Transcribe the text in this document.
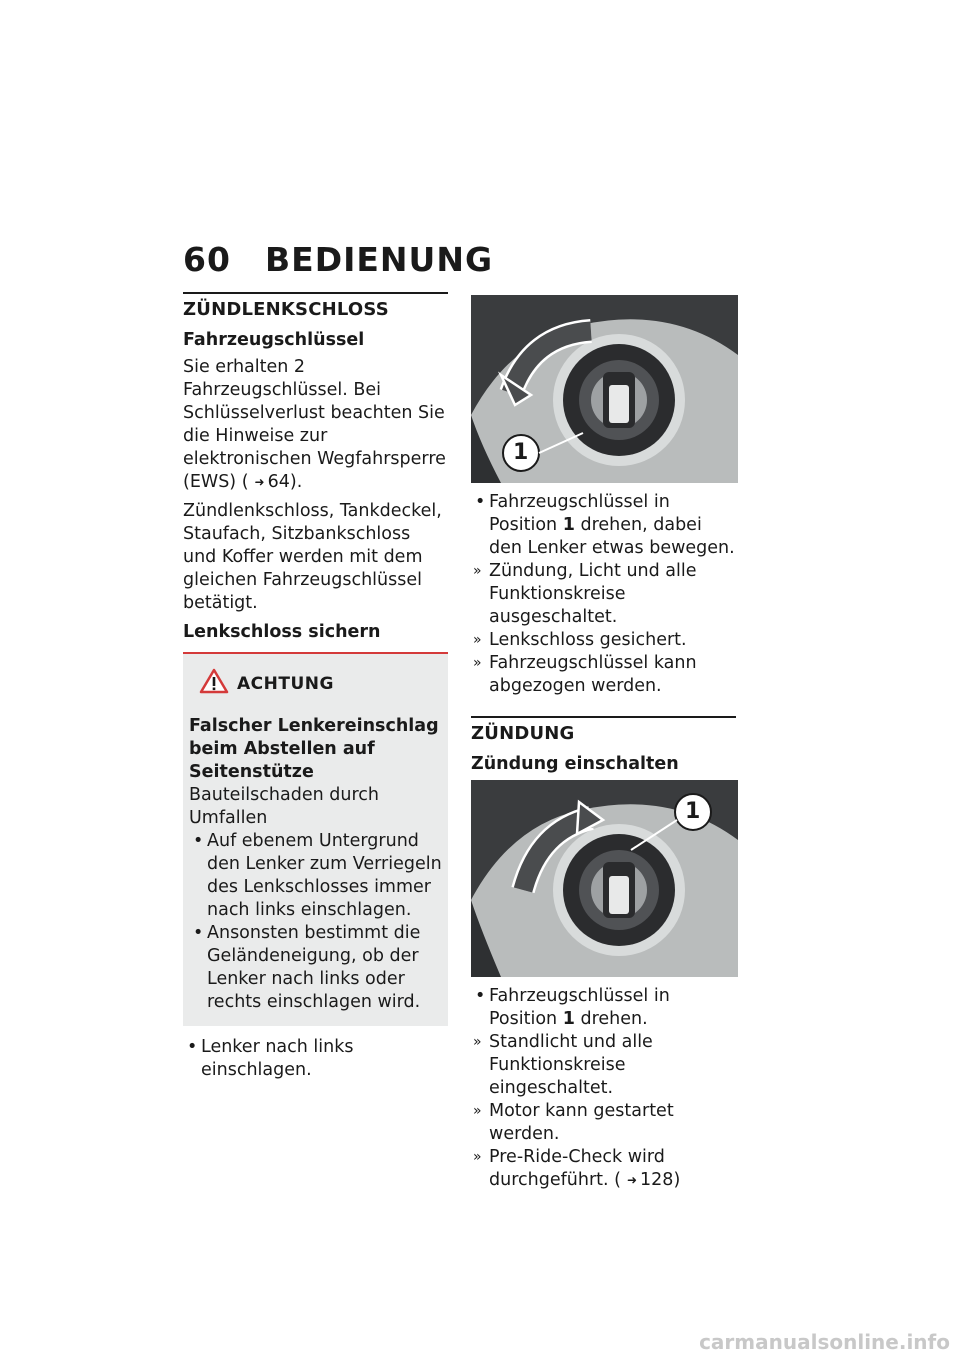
60 BEDIENUNG
ZÜNDLENKSCHLOSS
Fahrzeugschlüssel

Sie erhalten 2 Fahrzeugschlüssel. Bei Schlüsselverlust beachten Sie die Hinweise zur elektronischen Wegfahrsperre (EWS) ( ➜ 64).

Zündlenkschloss, Tankdeckel, Staufach, Sitzbankschloss und Koffer werden mit dem gleichen Fahrzeugschlüssel betätigt.

Lenkschloss sichern
ACHTUNG

Falscher Lenkereinschlag beim Abstellen auf Seitenstütze

Bauteilschaden durch Umfallen

• Auf ebenem Untergrund den Lenker zum Verriegeln des Lenkschlosses immer nach links einschlagen.
• Ansonsten bestimmt die Geländeneigung, ob der Lenker nach links oder rechts einschlagen wird.
• Lenker nach links einschlagen.
1
• Fahrzeugschlüssel in Position 1 drehen, dabei den Lenker etwas bewegen.
» Zündung, Licht und alle Funktionskreise ausgeschaltet.
» Lenkschloss gesichert.
» Fahrzeugschlüssel kann abgezogen werden.
ZÜNDUNG
Zündung einschalten
1
• Fahrzeugschlüssel in Position 1 drehen.
» Standlicht und alle Funktionskreise eingeschaltet.
» Motor kann gestartet werden.
» Pre-Ride-Check wird durchgeführt. ( ➜ 128)
carmanualsonline.info
